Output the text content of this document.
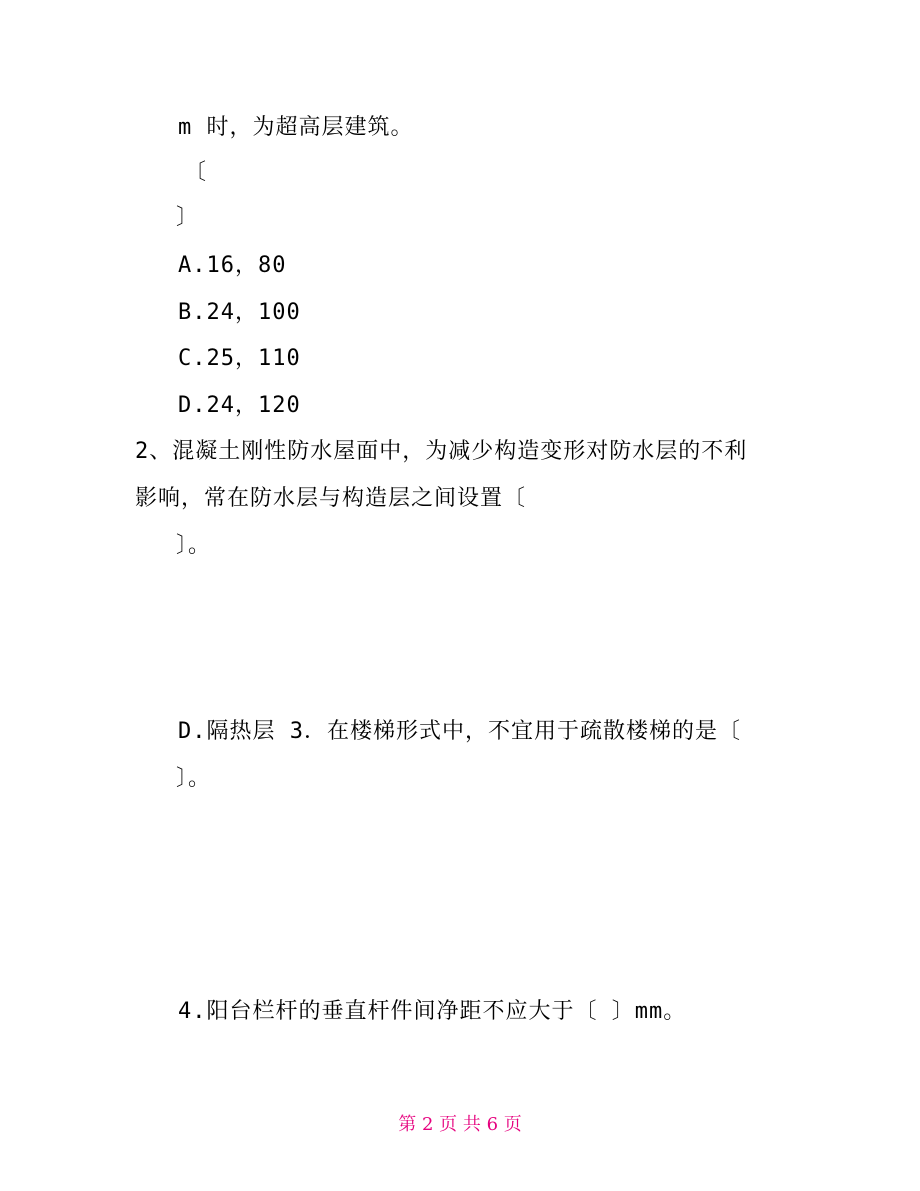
m 时，为超高层建筑。
〔
〕
A.16，80
B.24，100
C.25，110
D.24，120
2、混凝土刚性防水屋面中，为减少构造变形对防水层的不利
影响，常在防水层与构造层之间设置〔
〕。
D.隔热层 3．在楼梯形式中，不宜用于疏散楼梯的是〔
〕。
4.阳台栏杆的垂直杆件间净距不应大于〔 〕mm。
第 2 页 共 6 页
